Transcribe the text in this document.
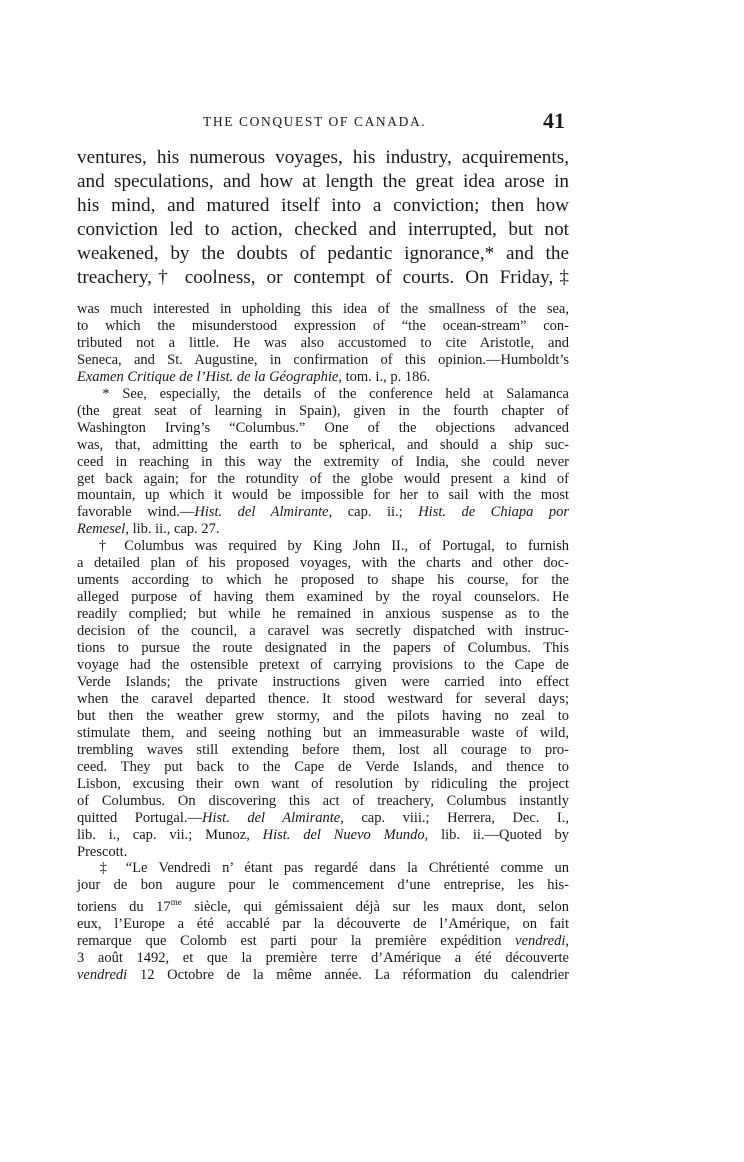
THE CONQUEST OF CANADA.	41
ventures, his numerous voyages, his industry, acquirements,
and speculations, and how at length the great idea arose in
his mind, and matured itself into a conviction; then how
conviction led to action, checked and interrupted, but not
weakened, by the doubts of pedantic ignorance,* and the
treachery,† coolness, or contempt of courts. On Friday,‡
was much interested in upholding this idea of the smallness of the sea,
to which the misunderstood expression of “the ocean-stream” con-
tributed not a little. He was also accustomed to cite Aristotle, and
Seneca, and St. Augustine, in confirmation of this opinion.—Humboldt’s
Examen Critique de l’Hist. de la Géographie, tom. i., p. 186.
* See, especially, the details of the conference held at Salamanca
(the great seat of learning in Spain), given in the fourth chapter of
Washington Irving’s “Columbus.” One of the objections advanced
was, that, admitting the earth to be spherical, and should a ship suc-
ceed in reaching in this way the extremity of India, she could never
get back again; for the rotundity of the globe would present a kind of
mountain, up which it would be impossible for her to sail with the most
favorable wind.—Hist. del Almirante, cap. ii.; Hist. de Chiapa por
Remesel, lib. ii., cap. 27.
† Columbus was required by King John II., of Portugal, to furnish
a detailed plan of his proposed voyages, with the charts and other doc-
uments according to which he proposed to shape his course, for the
alleged purpose of having them examined by the royal counselors. He
readily complied; but while he remained in anxious suspense as to the
decision of the council, a caravel was secretly dispatched with instruc-
tions to pursue the route designated in the papers of Columbus. This
voyage had the ostensible pretext of carrying provisions to the Cape de
Verde Islands; the private instructions given were carried into effect
when the caravel departed thence. It stood westward for several days;
but then the weather grew stormy, and the pilots having no zeal to
stimulate them, and seeing nothing but an immeasurable waste of wild,
trembling waves still extending before them, lost all courage to pro-
ceed. They put back to the Cape de Verde Islands, and thence to
Lisbon, excusing their own want of resolution by ridiculing the project
of Columbus. On discovering this act of treachery, Columbus instantly
quitted Portugal.—Hist. del Almirante, cap. viii.; Herrera, Dec. I.,
lib. i., cap. vii.; Munoz, Hist. del Nuevo Mundo, lib. ii.—Quoted by
Prescott.
‡ “Le Vendredi n’ étant pas regardé dans la Chrétienté comme un
jour de bon augure pour le commencement d’une entreprise, les his-
toriens du $17^{me}$ siècle, qui gémissaient déjà sur les maux dont, selon
eux, l’Europe a été accablé par la découverte de l’Amérique, on fait
remarque que Colomb est parti pour la première expédition vendredi,
3 août 1492, et que la première terre d’Amérique a été découverte
vendredi 12 Octobre de la même année. La réformation du calendrier
